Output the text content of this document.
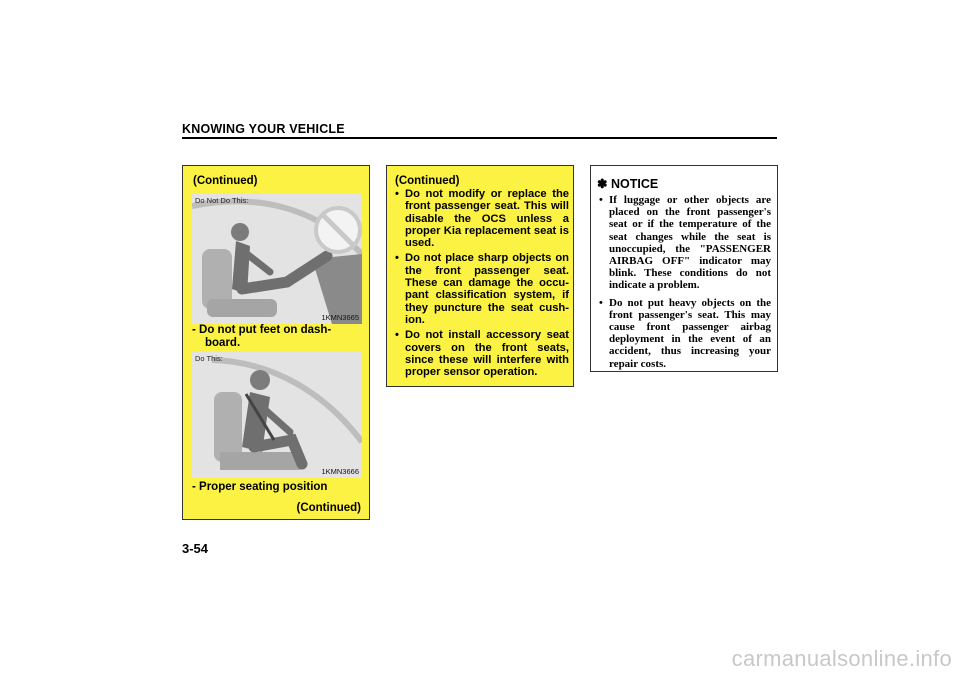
KNOWING YOUR VEHICLE
(Continued)
Do Not Do This:
1KMN3665
- Do not put feet on dash-
board.
Do This:
1KMN3666
- Proper seating position
(Continued)
(Continued)
• Do not modify or replace the front passenger seat. This will disable the OCS unless a proper Kia replacement seat is used.
• Do not place sharp objects on the front passenger seat. These can damage the occu-pant classification system, if they puncture the seat cush-ion.
• Do not install accessory seat covers on the front seats, since these will interfere with proper sensor operation.
✽ NOTICE
• If luggage or other objects are placed on the front passenger's seat or if the temperature of the seat changes while the seat is unoccupied, the "PASSENGER AIRBAG OFF" indicator may blink. These conditions do not indicate a problem.
• Do not put heavy objects on the front passenger's seat. This may cause front passenger airbag deployment in the event of an accident, thus increasing your repair costs.
3-54
carmanualsonline.info
